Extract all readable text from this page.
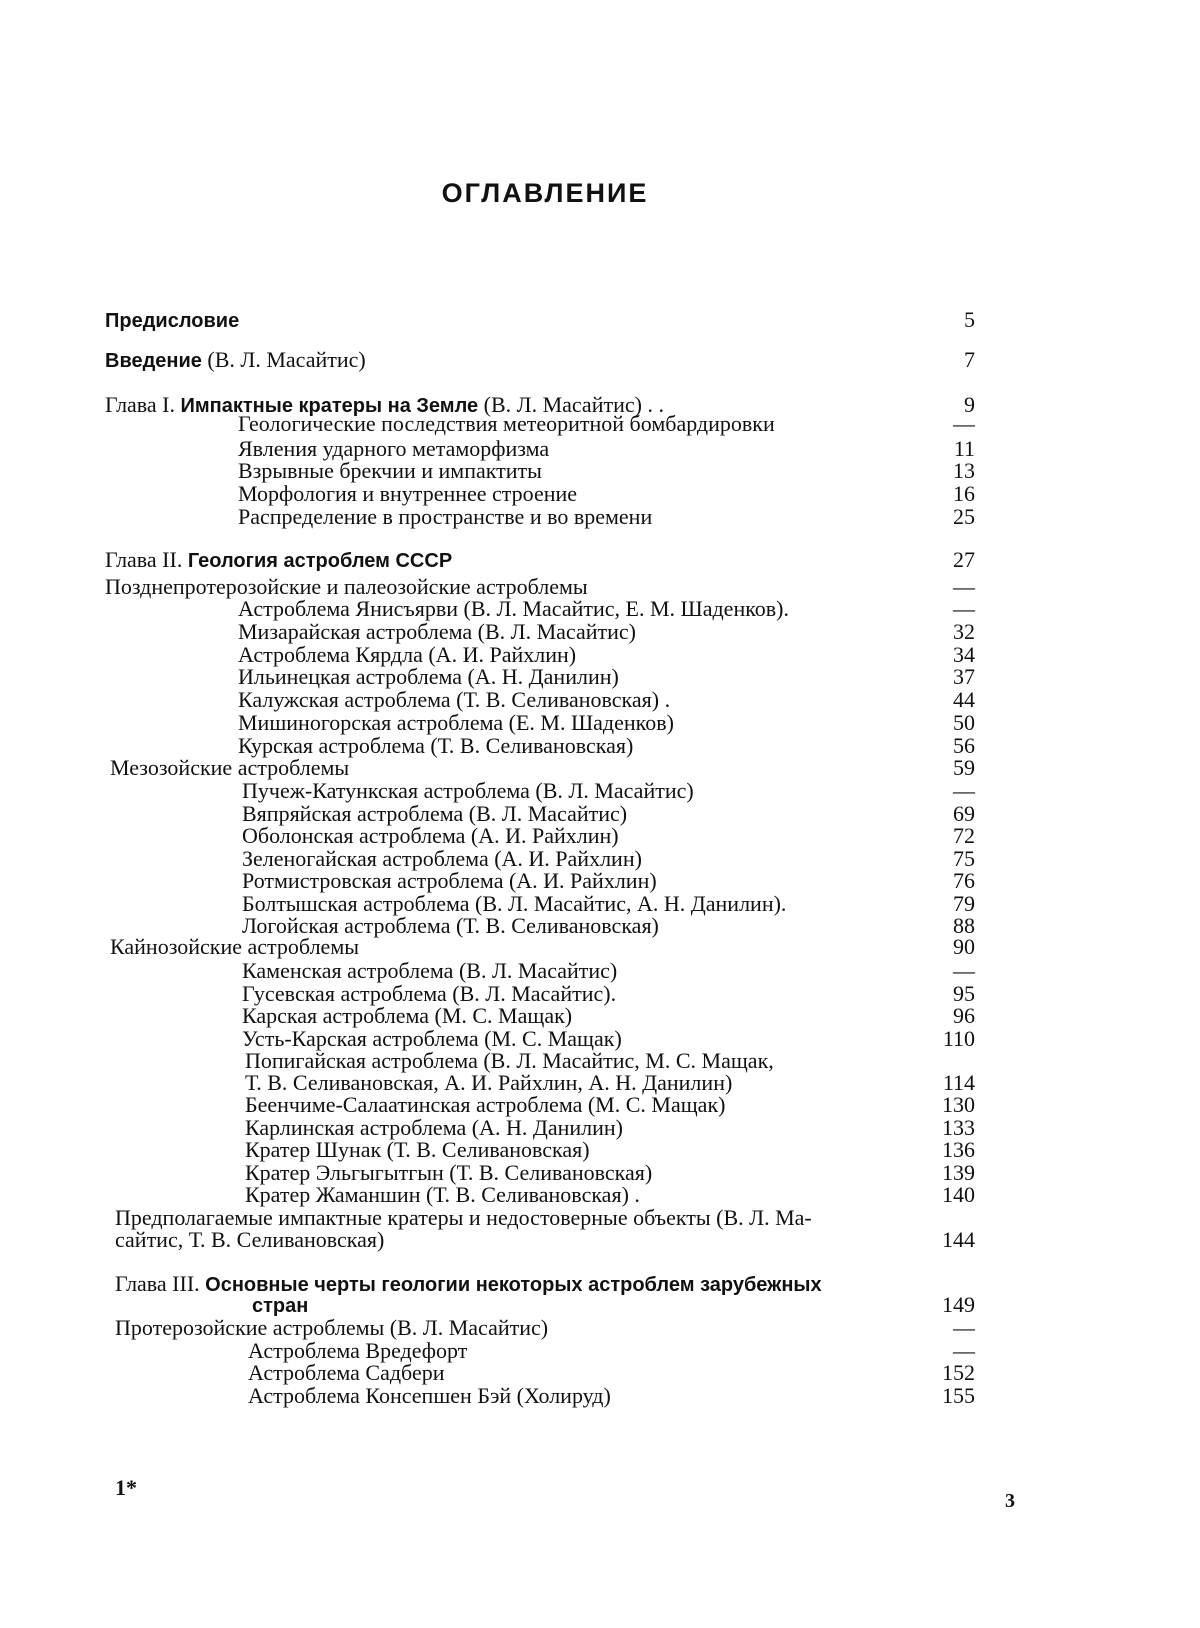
ОГЛАВЛЕНИЕ
Предисловие	5
Введение (В. Л. Масайтис)	7
Глава I. Импактные кратеры на Земле (В. Л. Масайтис) . .	9
Геологические последствия метеоритной бомбардировки	—
Явления ударного метаморфизма	11
Взрывные брекчии и импактиты	13
Морфология и внутреннее строение	16
Распределение в пространстве и во времени	25
Глава II. Геология астроблем СССР	27
Позднепротерозойские и палеозойские астроблемы	—
Астроблема Янисъярви (В. Л. Масайтис, Е. М. Шаденков).	—
Мизарайская астроблема (В. Л. Масайтис)	32
Астроблема Кярдла (А. И. Райхлин)	34
Ильинецкая астроблема (А. Н. Данилин)	37
Калужская астроблема (Т. В. Селивановская) .	44
Мишиногорская астроблема (Е. М. Шаденков)	50
Курская астроблема (Т. В. Селивановская)	56
Мезозойские астроблемы	59
Пучеж-Катункская астроблема (В. Л. Масайтис)	—
Вяпряйская астроблема (В. Л. Масайтис)	69
Оболонская астроблема (А. И. Райхлин)	72
Зеленогайская астроблема (А. И. Райхлин)	75
Ротмистровская астроблема (А. И. Райхлин)	76
Болтышская астроблема (В. Л. Масайтис, А. Н. Данилин).	79
Логойская астроблема (Т. В. Селивановская)	88
Кайнозойские астроблемы	90
Каменская астроблема (В. Л. Масайтис)	—
Гусевская астроблема (В. Л. Масайтис).	95
Карская астроблема (М. С. Мащак)	96
Усть-Карская астроблема (М. С. Мащак)	110
Попигайская астроблема (В. Л. Масайтис, М. С. Мащак,
Т. В. Селивановская, А. И. Райхлин, А. Н. Данилин)	114
Беенчиме-Салаатинская астроблема (М. С. Мащак)	130
Карлинская астроблема (А. Н. Данилин)	133
Кратер Шунак (Т. В. Селивановская)	136
Кратер Эльгыгытгын (Т. В. Селивановская)	139
Кратер Жаманшин (Т. В. Селивановская) .	140
Предполагаемые импактные кратеры и недостоверные объекты (В. Л. Ма-
сайтис, Т. В. Селивановская)	144
Глава III. Основные черты геологии некоторых астроблем зарубежных
стран	149
Протерозойские астроблемы (В. Л. Масайтис)	—
Астроблема Вредефорт	—
Астроблема Садбери	152
Астроблема Консепшен Бэй (Холируд)	155
1*
3
